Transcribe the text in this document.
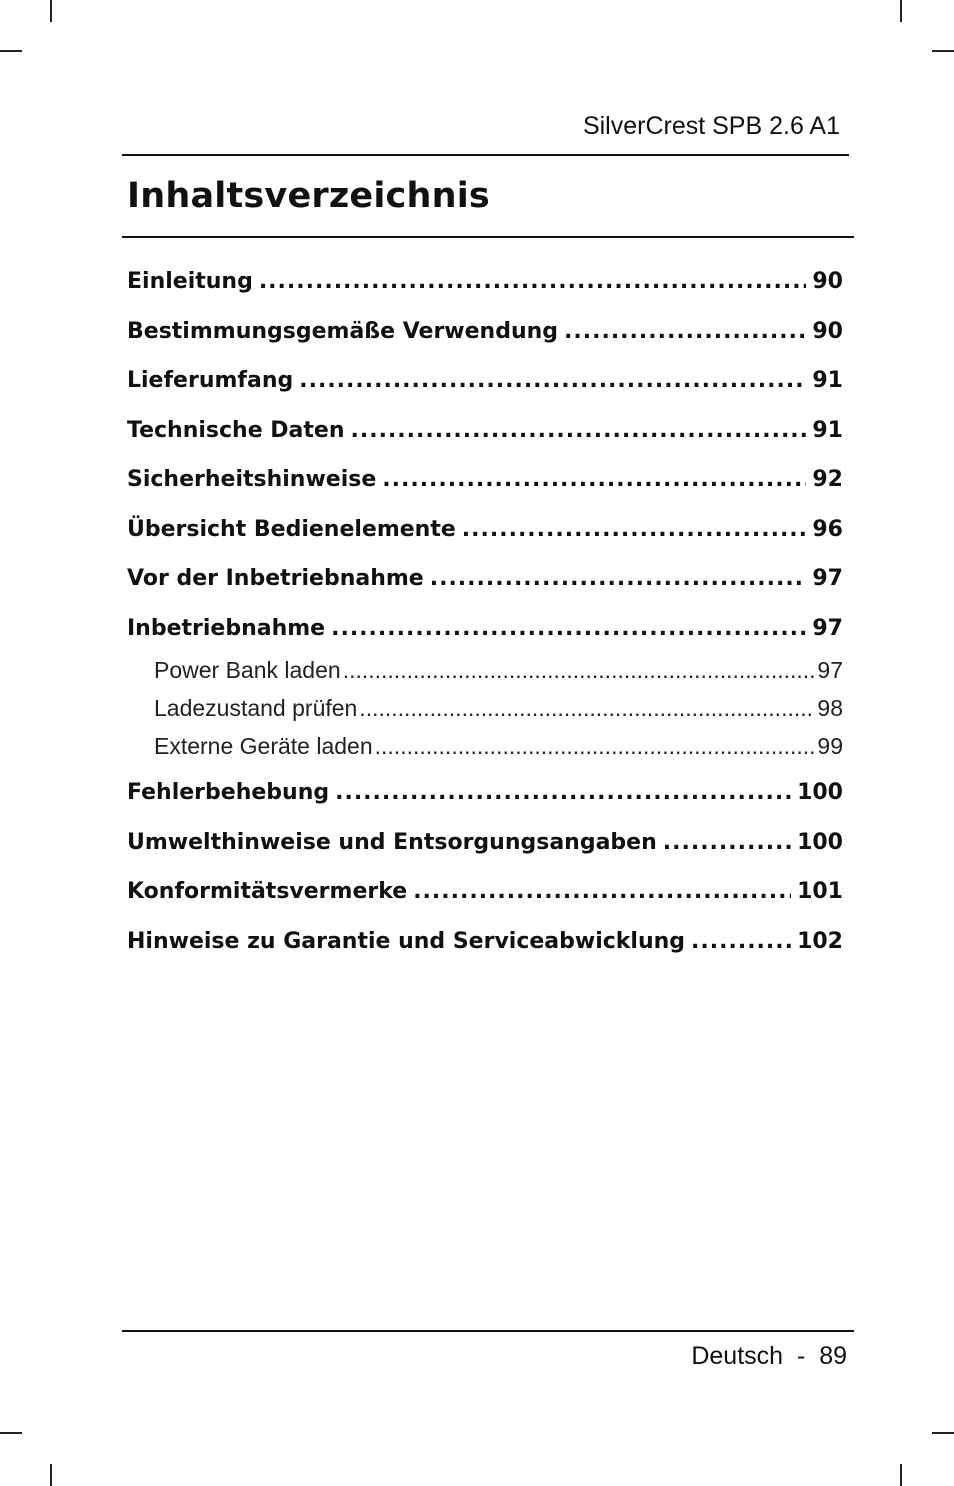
SilverCrest SPB 2.6 A1
Inhaltsverzeichnis
Einleitung .....	90
Bestimmungsgemäße Verwendung .....	90
Lieferumfang .....	91
Technische Daten .....	91
Sicherheitshinweise .....	92
Übersicht Bedienelemente .....	96
Vor der Inbetriebnahme .....	97
Inbetriebnahme .....	97
Power Bank laden .....	97
Ladezustand prüfen .....	98
Externe Geräte laden .....	99
Fehlerbehebung .....	100
Umwelthinweise und Entsorgungsangaben .....	100
Konformitätsvermerke .....	101
Hinweise zu Garantie und Serviceabwicklung .....	102
Deutsch - 89
